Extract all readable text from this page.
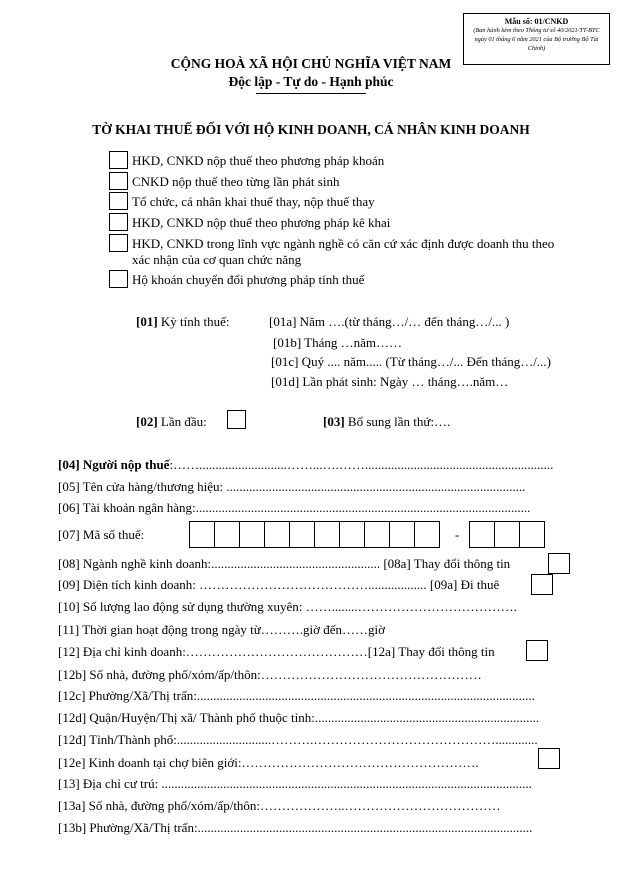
Mẫu số: 01/CNKD
(Ban hành kèm theo Thông tư số 40/2021/TT-BTC ngày 01 tháng 6 năm 2021 của Bộ trưởng Bộ Tài Chính)
CỘNG HOÀ XÃ HỘI CHỦ NGHĨA VIỆT NAM
Độc lập - Tự do - Hạnh phúc
TỜ KHAI THUẾ ĐỐI VỚI HỘ KINH DOANH, CÁ NHÂN KINH DOANH
HKD, CNKD nộp thuế theo phương pháp khoán
CNKD nộp thuế theo từng lần phát sinh
Tổ chức, cá nhân khai thuế thay, nộp thuế thay
HKD, CNKD nộp thuế theo phương pháp kê khai
HKD, CNKD trong lĩnh vực ngành nghề có căn cứ xác định được doanh thu theo
xác nhận của cơ quan chức năng
Hộ khoán chuyển đổi phương pháp tính thuế
[01] Kỳ tính thuế:	[01a] Năm ….(từ tháng…/… đến tháng…/... )
[01b] Tháng …năm……
[01c] Quý .... năm..... (Từ tháng…/... Đến tháng…/...)
[01d] Lần phát sinh: Ngày … tháng….năm…
[02] Lần đầu:	[03] Bổ sung lần thứ:….
[04] Người nộp thuế:……...........................……...….……..........................................................
[05] Tên cửa hàng/thương hiệu: ............................................................................................
[06] Tài khoản ngân hàng:.......................................................................................................
[07] Mã số thuế:	-
[08] Ngành nghề kinh doanh:.................................................... [08a] Thay đổi thông tin
[09] Diện tích kinh doanh: ………………………………….................. [09a] Đi thuê
[10] Số lượng lao động sử dụng thường xuyên: ……........……………………………….
[11] Thời gian hoạt động trong ngày từ……….giờ đến……giờ
[12] Địa chỉ kinh doanh:……………………………………[12a] Thay đổi thông tin
[12b] Số nhà, đường phố/xóm/ấp/thôn:……………………………………………
[12c] Phường/Xã/Thị trấn:........................................................................................................
[12d] Quận/Huyện/Thị xã/ Thành phố thuộc tỉnh:.....................................................................
[12đ] Tỉnh/Thành phố:.............................……….…………………………………….............
[12e] Kinh doanh tại chợ biên giới:……………………………………………….
[13] Địa chỉ cư trú: ..................................................................................................................
[13a] Số nhà, đường phố/xóm/ấp/thôn:………………..………………………………
[13b] Phường/Xã/Thị trấn:.......................................................................................................
